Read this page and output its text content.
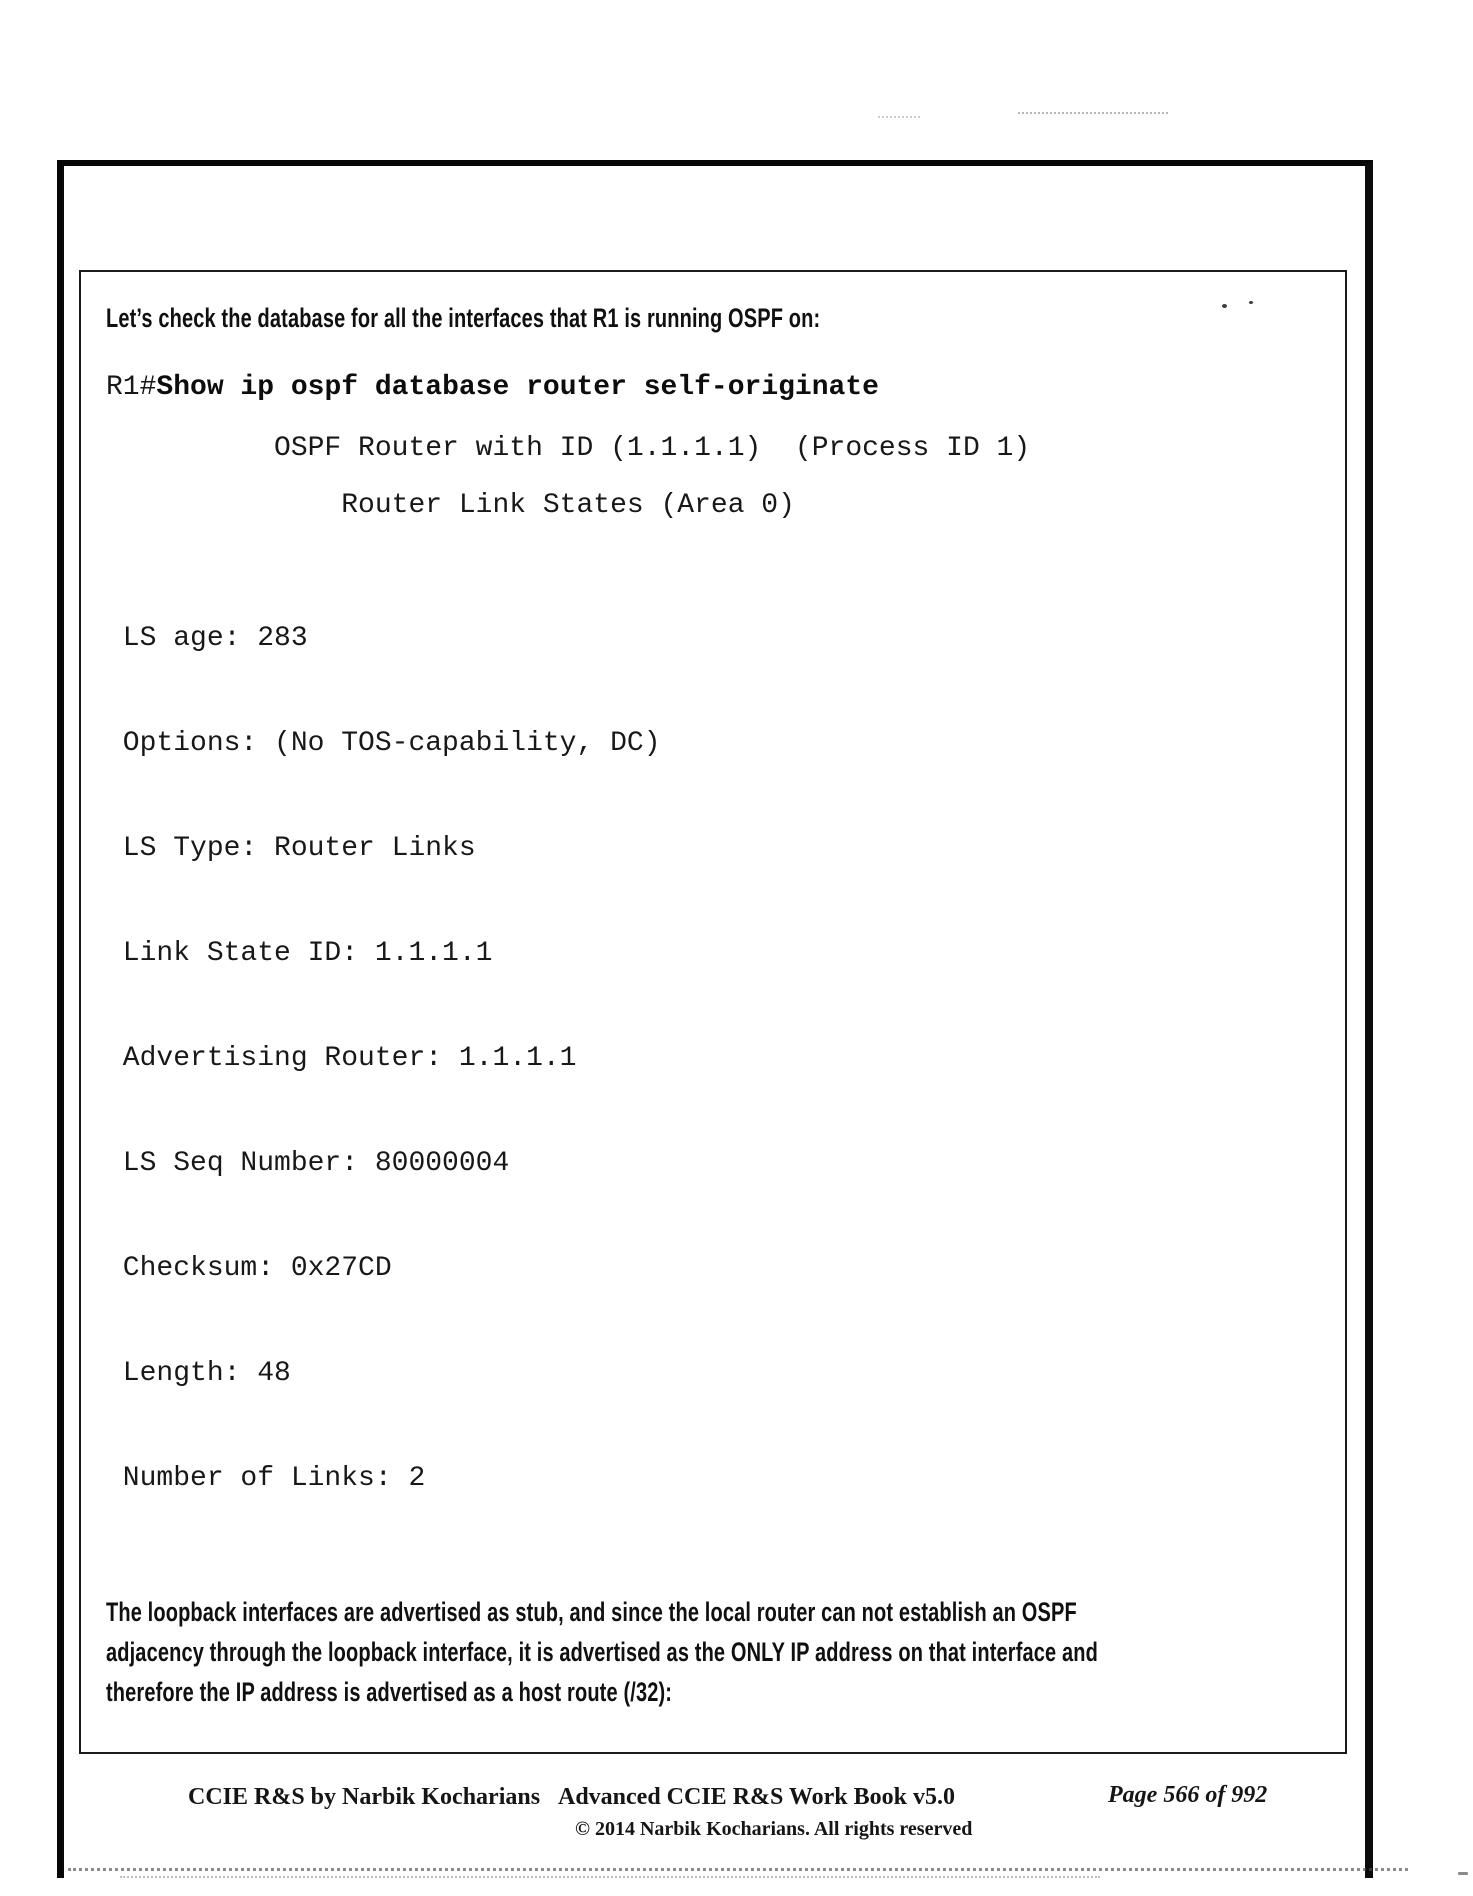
Let’s check the database for all the interfaces that R1 is running OSPF on:
R1#Show ip ospf database router self-originate
OSPF Router with ID (1.1.1.1)  (Process ID 1)
Router Link States (Area 0)

LS age: 283

Options: (No TOS-capability, DC)

LS Type: Router Links

Link State ID: 1.1.1.1

Advertising Router: 1.1.1.1

LS Seq Number: 80000004

Checksum: 0x27CD

Length: 48

Number of Links: 2

The loopback interfaces are advertised as stub, and since the local router can not establish an OSPF
adjacency through the loopback interface, it is advertised as the ONLY IP address on that interface and
therefore the IP address is advertised as a host route (/32):

CCIE R&S by Narbik Kocharians Advanced CCIE R&S Work Book v5.0
© 2014 Narbik Kocharians. All rights reserved
Page 566 of 992
